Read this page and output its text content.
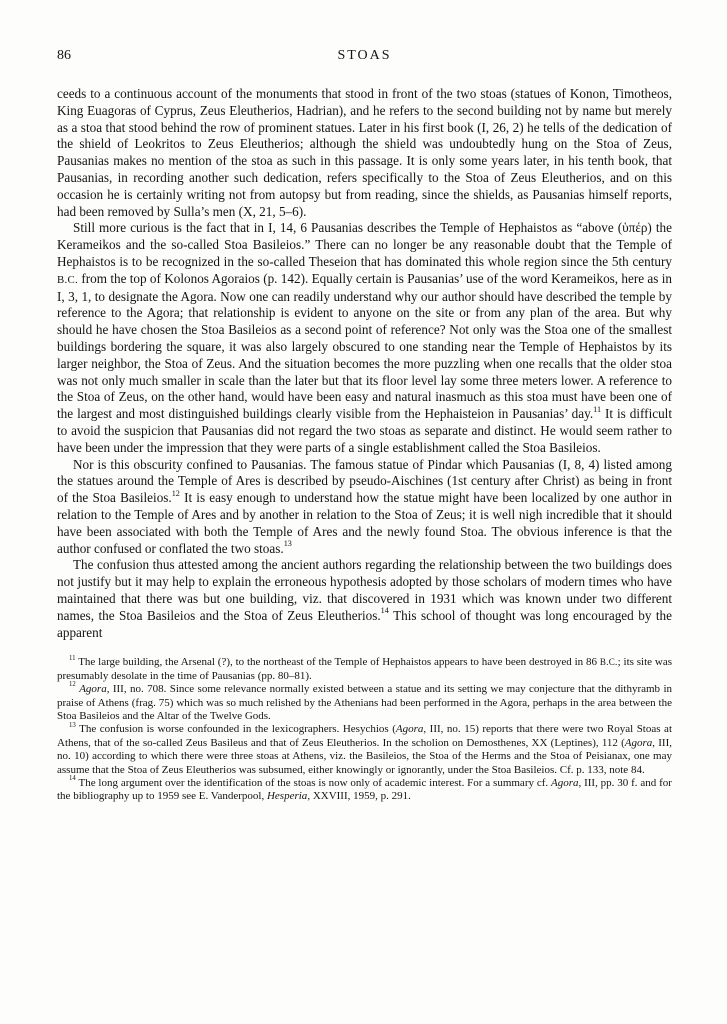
86	STOAS

ceeds to a continuous account of the monuments that stood in front of the two stoas (statues of Konon, Timotheos, King Euagoras of Cyprus, Zeus Eleutherios, Hadrian), and he refers to the second building not by name but merely as a stoa that stood behind the row of prominent statues. Later in his first book (I, 26, 2) he tells of the dedication of the shield of Leokritos to Zeus Eleutherios; although the shield was undoubtedly hung on the Stoa of Zeus, Pausanias makes no mention of the stoa as such in this passage. It is only some years later, in his tenth book, that Pausanias, in recording another such dedication, refers specifically to the Stoa of Zeus Eleutherios, and on this occasion he is certainly writing not from autopsy but from reading, since the shields, as Pausanias himself reports, had been removed by Sulla’s men (X, 21, 5–6).

Still more curious is the fact that in I, 14, 6 Pausanias describes the Temple of Hephaistos as “above (ὑπέρ) the Kerameikos and the so-called Stoa Basileios.” There can no longer be any reasonable doubt that the Temple of Hephaistos is to be recognized in the so-called Theseion that has dominated this whole region since the 5th century B.C. from the top of Kolonos Agoraios (p. 142). Equally certain is Pausanias’ use of the word Kerameikos, here as in I, 3, 1, to designate the Agora. Now one can readily understand why our author should have described the temple by reference to the Agora; that relationship is evident to anyone on the site or from any plan of the area. But why should he have chosen the Stoa Basileios as a second point of reference? Not only was the Stoa one of the smallest buildings bordering the square, it was also largely obscured to one standing near the Temple of Hephaistos by its larger neighbor, the Stoa of Zeus. And the situation becomes the more puzzling when one recalls that the older stoa was not only much smaller in scale than the later but that its floor level lay some three meters lower. A reference to the Stoa of Zeus, on the other hand, would have been easy and natural inasmuch as this stoa must have been one of the largest and most distinguished buildings clearly visible from the Hephaisteion in Pausanias’ day.$^{11}$ It is difficult to avoid the suspicion that Pausanias did not regard the two stoas as separate and distinct. He would seem rather to have been under the impression that they were parts of a single establishment called the Stoa Basileios.

Nor is this obscurity confined to Pausanias. The famous statue of Pindar which Pausanias (I, 8, 4) listed among the statues around the Temple of Ares is described by pseudo-Aischines (1st century after Christ) as being in front of the Stoa Basileios.$^{12}$ It is easy enough to understand how the statue might have been localized by one author in relation to the Temple of Ares and by another in relation to the Stoa of Zeus; it is well nigh incredible that it should have been associated with both the Temple of Ares and the newly found Stoa. The obvious inference is that the author confused or conflated the two stoas.$^{13}$

The confusion thus attested among the ancient authors regarding the relationship between the two buildings does not justify but it may help to explain the erroneous hypothesis adopted by those scholars of modern times who have maintained that there was but one building, viz. that discovered in 1931 which was known under two different names, the Stoa Basileios and the Stoa of Zeus Eleutherios.$^{14}$ This school of thought was long encouraged by the apparent

$^{11}$ The large building, the Arsenal (?), to the northeast of the Temple of Hephaistos appears to have been destroyed in 86 B.C.; its site was presumably desolate in the time of Pausanias (pp. 80–81).

$^{12}$ Agora, III, no. 708. Since some relevance normally existed between a statue and its setting we may conjecture that the dithyramb in praise of Athens (frag. 75) which was so much relished by the Athenians had been performed in the Agora, perhaps in the area between the Stoa Basileios and the Altar of the Twelve Gods.

$^{13}$ The confusion is worse confounded in the lexicographers. Hesychios (Agora, III, no. 15) reports that there were two Royal Stoas at Athens, that of the so-called Zeus Basileus and that of Zeus Eleutherios. In the scholion on Demosthenes, XX (Leptines), 112 (Agora, III, no. 10) according to which there were three stoas at Athens, viz. the Basileios, the Stoa of the Herms and the Stoa of Peisianax, one may assume that the Stoa of Zeus Eleutherios was subsumed, either knowingly or ignorantly, under the Stoa Basileios. Cf. p. 133, note 84.

$^{14}$ The long argument over the identification of the stoas is now only of academic interest. For a summary cf. Agora, III, pp. 30 f. and for the bibliography up to 1959 see E. Vanderpool, Hesperia, XXVIII, 1959, p. 291.
